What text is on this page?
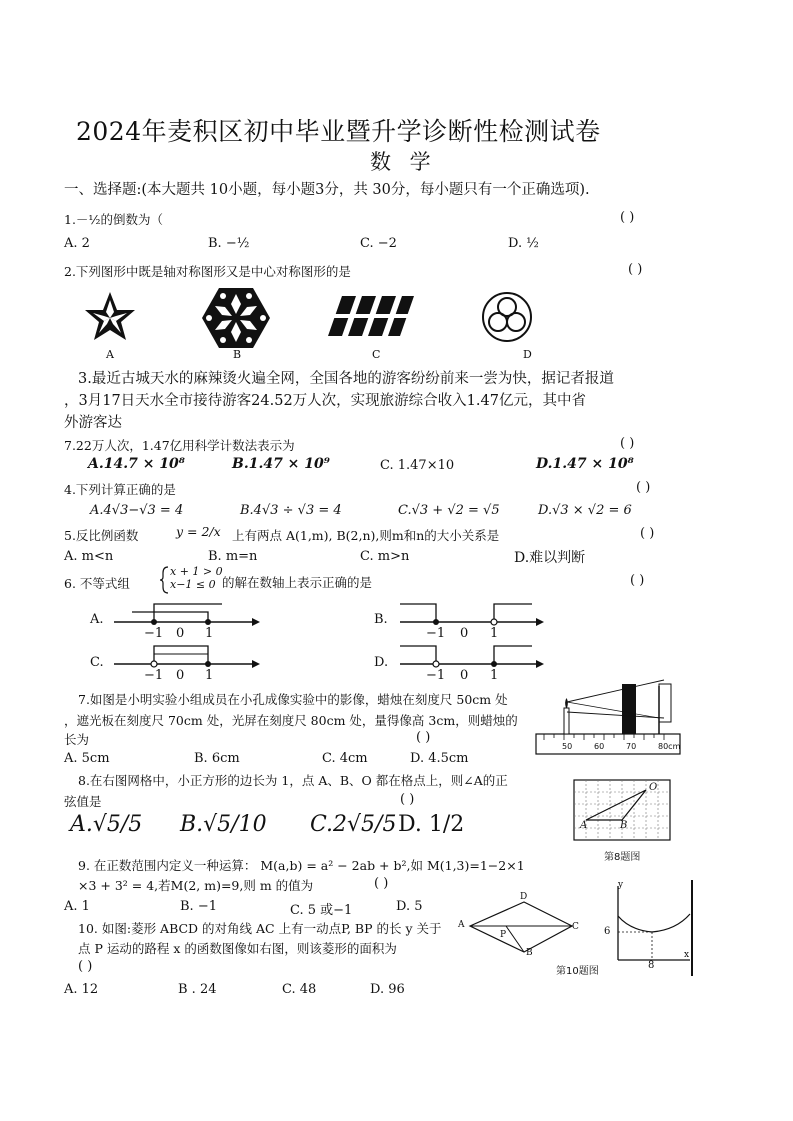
2024年麦积区初中毕业暨升学诊断性检测试卷
数 学
一、选择题:(本大题共 10小题，每小题3分，共 30分，每小题只有一个正确选项).
1.－½的倒数为（	( )
A. 2	B. −½	C. −2	D. ½
2.下列图形中既是轴对称图形又是中心对称图形的是	( )
A	B	C	D
3.最近古城天水的麻辣烫火遍全网，全国各地的游客纷纷前来一尝为快，据记者报道
，3月17日天水全市接待游客24.52万人次，实现旅游综合收入1.47亿元，其中省
外游客达
7.22万人次，1.47亿用科学计数法表示为	( )
A.14.7 × 10⁸	B.1.47 × 10⁹	C. 1.47×10	D.1.47 × 10⁸
4.下列计算正确的是	( )
A.4√3−√3 = 4	B.4√3 ÷ √3 = 4	C.√3 + √2 = √5	D.√3 × √2 = 6
5.反比例函数	y = 2/x 上有两点 A(1,m), B(2,n),则m和n的大小关系是	( )
A. m<n	B. m=n	C. m>n	D.难以判断
6. 不等式组
x + 1 > 0
x−1 ≤ 0 的解在数轴上表示正确的是	( )
A.
−1 0 1
B.
−1 0 1
C.
−1 0 1
D.
−1 0 1
7.如图是小明实验小组成员在小孔成像实验中的影像，蜡烛在刻度尺 50cm 处
，遮光板在刻度尺 70cm 处，光屏在刻度尺 80cm 处，量得像高 3cm，则蜡烛的
长为	( )
A. 5cm	B. 6cm	C. 4cm	D. 4.5cm
50	60	70	80cm
8.在右图网格中，小正方形的边长为 1，点 A、B、O 都在格点上，则∠A的正
弦值是	( )
A.√5/5 B.√5/10 C.2√5/5 D. 1/2
O
A	B
第8题图
9. 在正数范围内定义一种运算： M(a,b) = a² − 2ab + b²,如 M(1,3)=1−2×1
×3 + 3² = 4,若M(2, m)=9,则 m 的值为	( )
A. 1	B. −1	C. 5 或−1	D. 5
10. 如图:菱形 ABCD 的对角线 AC 上有一动点P, BP 的长 y 关于
点 P 运动的路程 x 的函数图像如右图，则该菱形的面积为
( )
A. 12	B . 24	C. 48	D. 96
A
B
C
D
P
第10题图
y
x
6
8
